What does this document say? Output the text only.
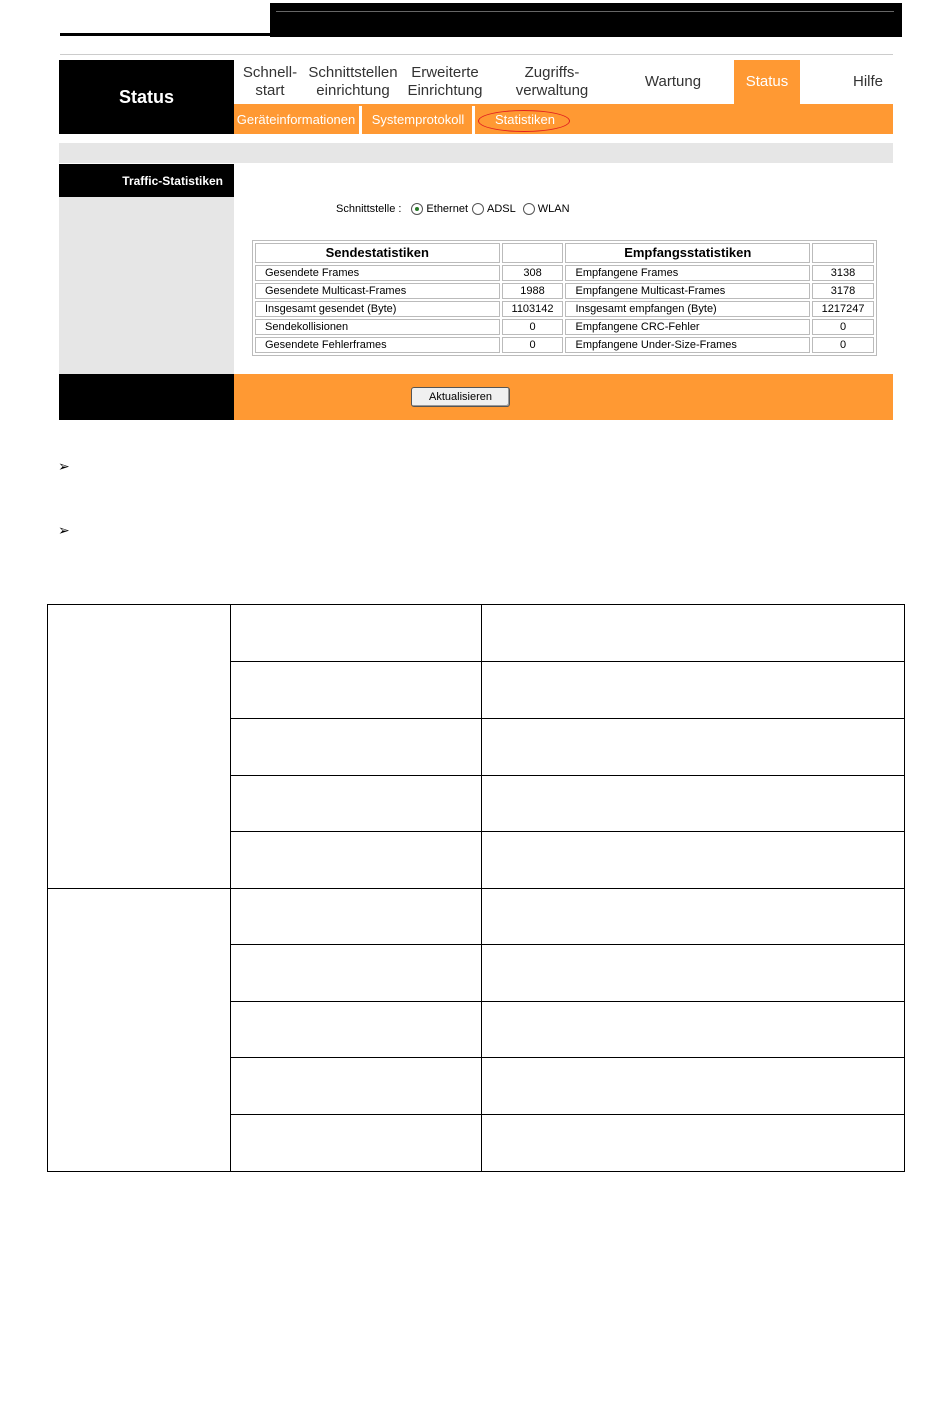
Status
Schnell-
start
Schnittstellen
einrichtung
Erweiterte
Einrichtung
Zugriffs-
verwaltung
Wartung	Status	Hilfe
Geräteinformationen	Systemprotokoll	Statistiken
Traffic-Statistiken
Schnittstelle : Ethernet ADSL WLAN
Sendestatistiken		Empfangsstatistiken	
Gesendete Frames	308	Empfangene Frames	3138
Gesendete Multicast-Frames	1988	Empfangene Multicast-Frames	3178
Insgesamt gesendet (Byte)	1103142	Insgesamt empfangen (Byte)	1217247
Sendekollisionen	0	Empfangene CRC-Fehler	0
Gesendete Fehlerframes	0	Empfangene Under-Size-Frames	0
Aktualisieren
➢
➢
